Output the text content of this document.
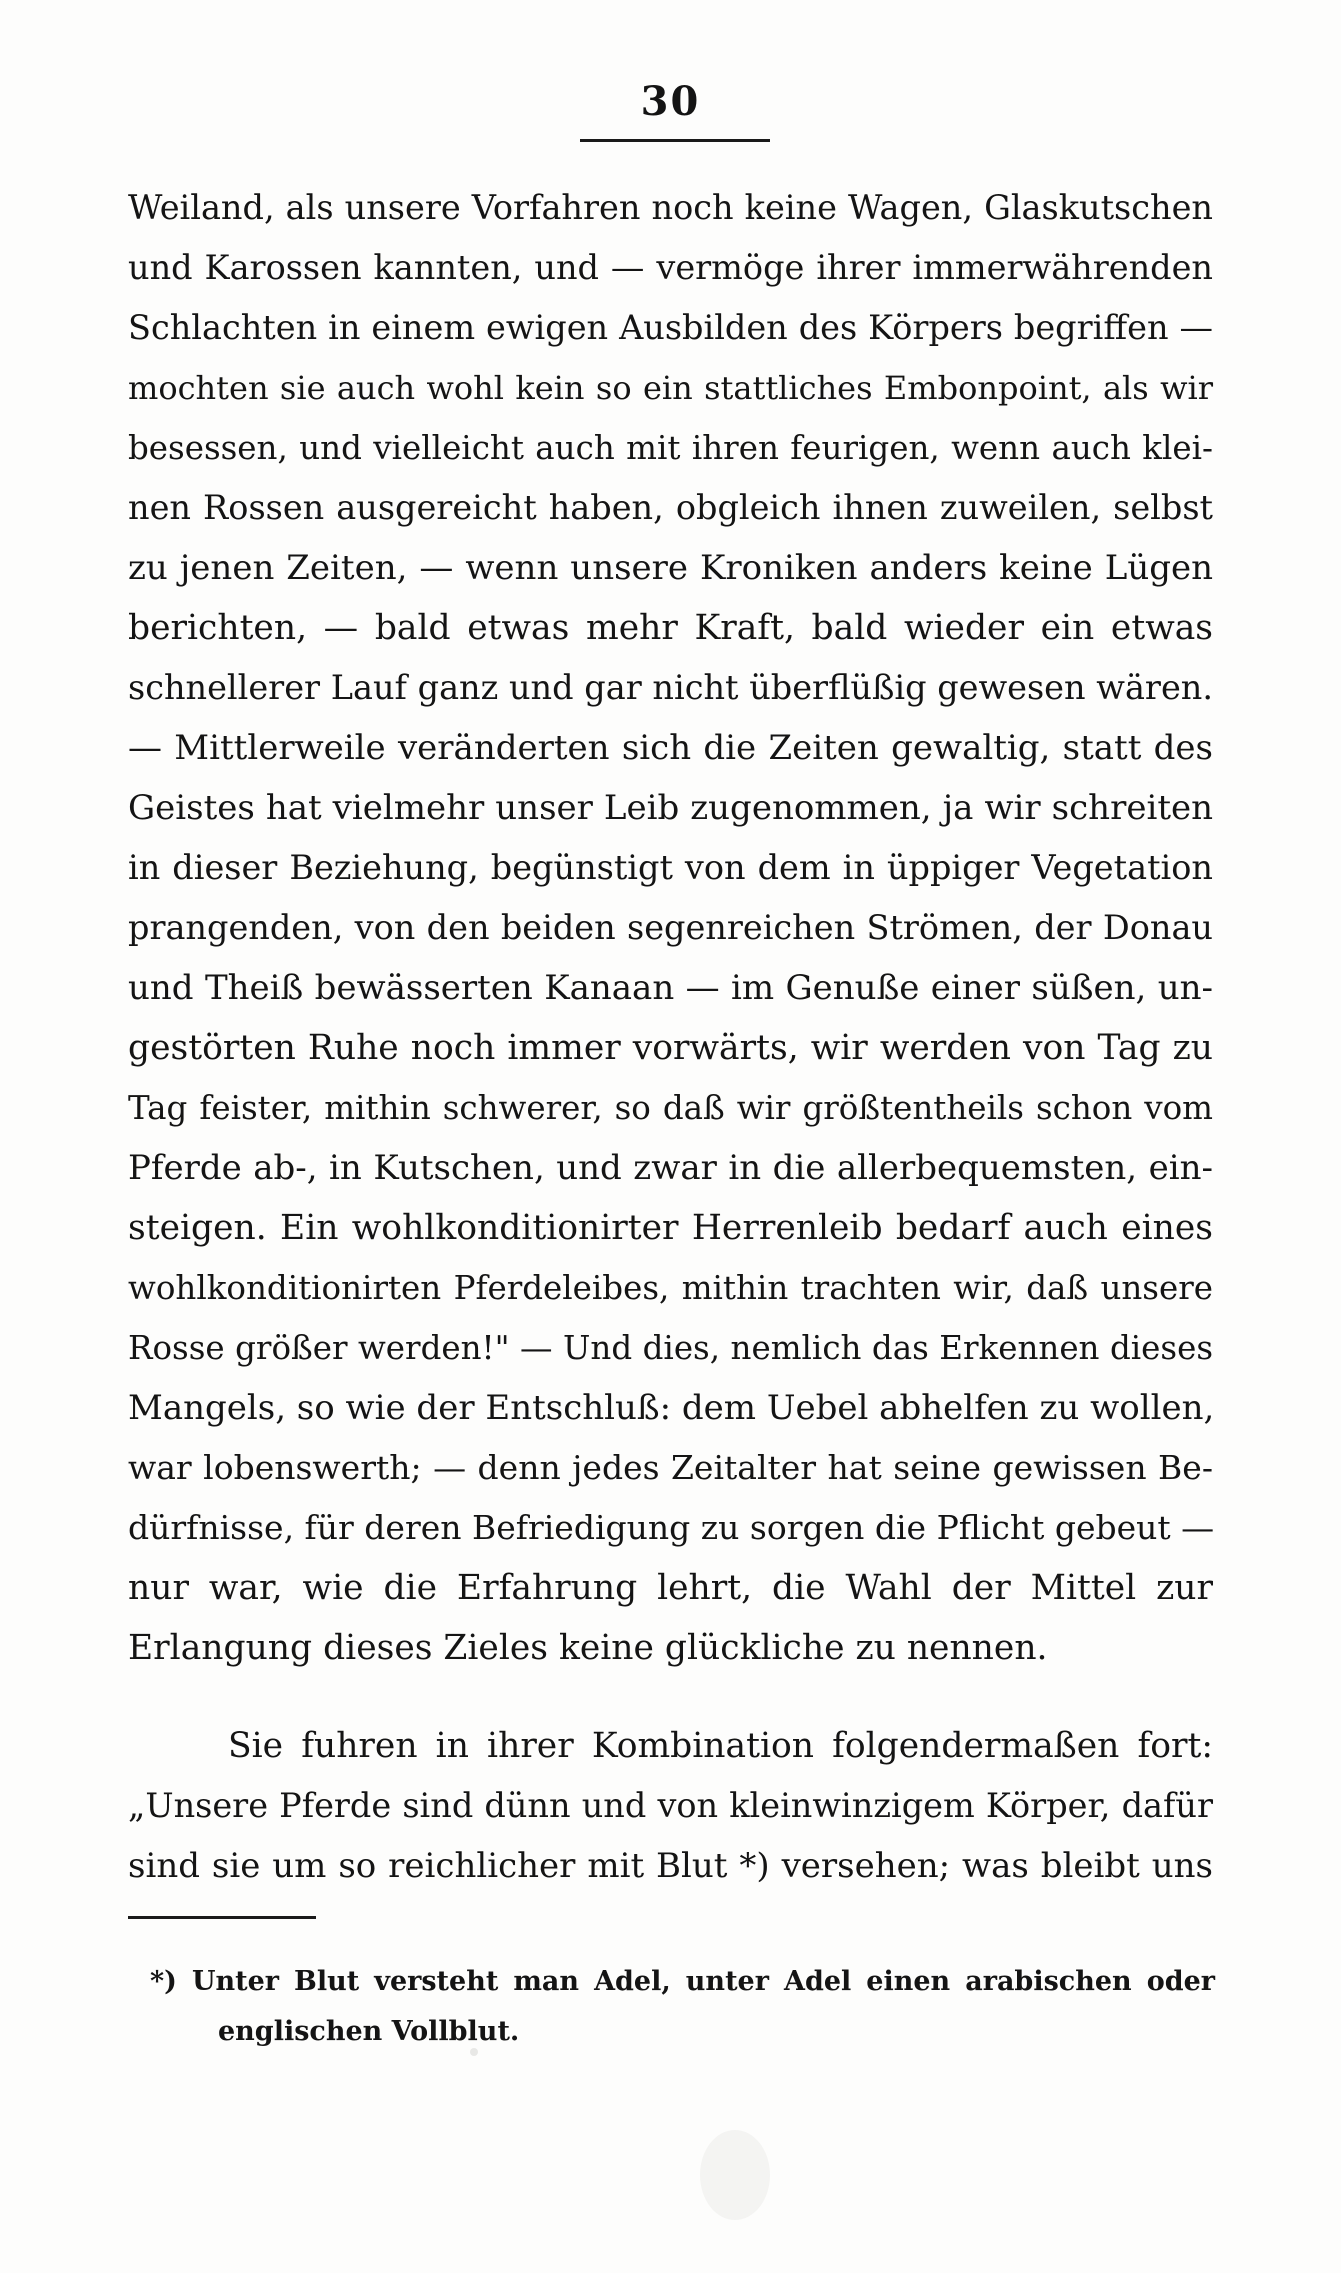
30
Weiland, als unsere Vorfahren noch keine Wagen, Glaskutschen
und Karossen kannten, und — vermöge ihrer immerwährenden
Schlachten in einem ewigen Ausbilden des Körpers begriffen —
mochten sie auch wohl kein so ein stattliches Embonpoint, als wir
besessen, und vielleicht auch mit ihren feurigen, wenn auch klei-
nen Rossen ausgereicht haben, obgleich ihnen zuweilen, selbst
zu jenen Zeiten, — wenn unsere Kroniken anders keine Lügen
berichten, — bald etwas mehr Kraft, bald wieder ein etwas
schnellerer Lauf ganz und gar nicht überflüßig gewesen wären.
— Mittlerweile veränderten sich die Zeiten gewaltig, statt des
Geistes hat vielmehr unser Leib zugenommen, ja wir schreiten
in dieser Beziehung, begünstigt von dem in üppiger Vegetation
prangenden, von den beiden segenreichen Strömen, der Donau
und Theiß bewässerten Kanaan — im Genuße einer süßen, un-
gestörten Ruhe noch immer vorwärts, wir werden von Tag zu
Tag feister, mithin schwerer, so daß wir größtentheils schon vom
Pferde ab-, in Kutschen, und zwar in die allerbequemsten, ein-
steigen. Ein wohlkonditionirter Herrenleib bedarf auch eines
wohlkonditionirten Pferdeleibes, mithin trachten wir, daß unsere
Rosse größer werden!" — Und dies, nemlich das Erkennen dieses
Mangels, so wie der Entschluß: dem Uebel abhelfen zu wollen,
war lobenswerth; — denn jedes Zeitalter hat seine gewissen Be-
dürfnisse, für deren Befriedigung zu sorgen die Pflicht gebeut —
nur war, wie die Erfahrung lehrt, die Wahl der Mittel zur
Erlangung dieses Zieles keine glückliche zu nennen.
Sie fuhren in ihrer Kombination folgendermaßen fort:
„Unsere Pferde sind dünn und von kleinwinzigem Körper, dafür
sind sie um so reichlicher mit Blut *) versehen; was bleibt uns
*) Unter Blut versteht man Adel, unter Adel einen arabischen oder
englischen Vollblut.
